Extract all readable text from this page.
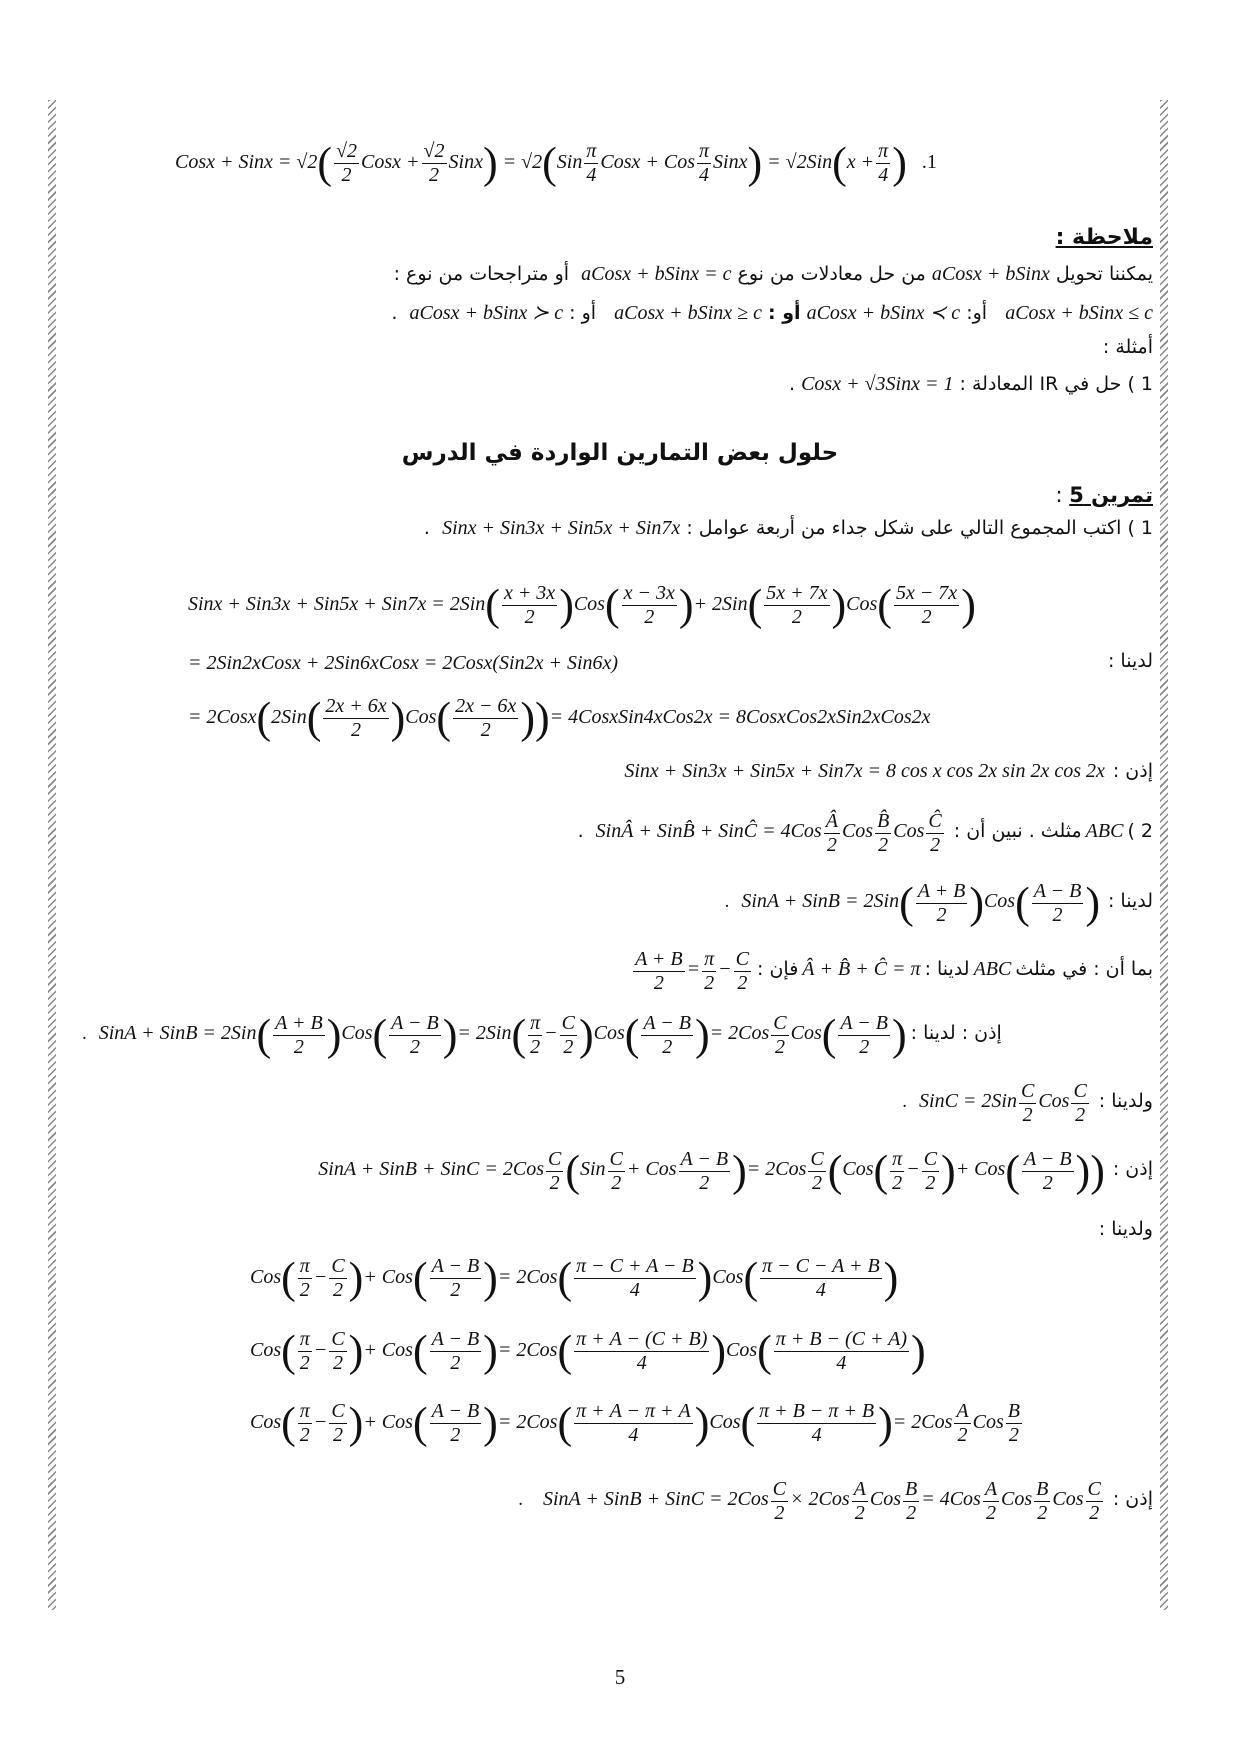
Cosx + Sinx = $√2( \frac{√2}{2}$ Cosx + $\frac{√2}{2}$ Sinx) = $√2(Sin \frac{\pi}{4}$ Cosx + Cos $\frac{\pi}{4}$ Sinx) = $√2Sin(x + \frac{\pi}{4}$ ) .1
ملاحظة :
يمكننا تحويل aCosx + bSinx من حل معادلات من نوع aCosx + bSinx = c  أو متراجحات من نوع :
aCosx + bSinx ≤ c   أو: aCosx + bSinx ≺ c أو : aCosx + bSinx ≥ c   أو : aCosx + bSinx ≻ c  .
أمثلة :
1 ) حل في IR المعادلة : Cosx + √3Sinx = 1 .
حلول بعض التمارين الواردة في الدرس
تمرين 5 :
1 ) اكتب المجموع التالي على شكل جداء من أربعة عوامل : Sinx + Sin3x + Sin5x + Sin7x  .
Sinx + $Sin3x + Sin5x + Sin7x = 2Sin( \frac{x + 3x}{2} )Cos( \frac{x - 3x}{2}$ )+ $2Sin( \frac{5x + 7x}{2} )Cos( \frac{5x - 7x}{2}$ )
لدينا :
= 2Sin2xCosx + 2Sin6xCosx = 2Cosx(Sin2x + Sin6x)
= 2Cosx(2Sin( $\frac{2x + 6x}{2} )Cos( \frac{2x - 6x}{2}$ ))= 4CosxSin4xCos2x = 8CosxCos2xSin2xCos2x
Sinx + Sin3x + Sin5x + Sin7x = 8 cos x cos 2x sin 2x cos 2x إذن :
. SinÂ + SinB̂ + SinĈ = $4Cos \frac{Â}{2}$ Cos $\frac{B̂}{2}$ Cos $\frac{Ĉ}{2}$ مثلث . نبين أن : ABC 2 )
. SinA + SinB = $2Sin( \frac{A + B}{2} )Cos( \frac{A - B}{2}$ ) لدينا :
$\frac{A + B}{2} = \frac{\pi}{2} - \frac{C}{2}$ فإن : Â + B̂ + Ĉ = π لدينا : ABC بما أن : في مثلث
. SinA + SinB = $2Sin( \frac{A + B}{2} )Cos( \frac{A - B}{2}$ )= $2Sin( \frac{\pi}{2} - \frac{C}{2} )Cos( \frac{A - B}{2}$ )= $2Cos \frac{C}{2} Cos( \frac{A - B}{2}$ ) إذن : لدينا :
. SinC = $2Sin \frac{C}{2}$ Cos $\frac{C}{2}$ ولدينا :
SinA + SinB + SinC = $2Cos \frac{C}{2} (Sin \frac{C}{2}$ + Cos $\frac{A - B}{2}$ )= $2Cos \frac{C}{2} (Cos( \frac{\pi}{2} - \frac{C}{2}$ )+ $Cos( \frac{A - B}{2}$ )) إذن :
ولدينا :
$Cos( \frac{\pi}{2} - \frac{C}{2}$ )+ $Cos( \frac{A - B}{2}$ )= $2Cos( \frac{\pi - C + A - B}{4} )Cos( \frac{\pi - C - A + B}{4}$ )
$Cos( \frac{\pi}{2} - \frac{C}{2}$ )+ $Cos( \frac{A - B}{2}$ )= $2Cos( \frac{\pi + A - (C + B)}{4} )Cos( \frac{\pi + B - (C + A)}{4}$ )
$Cos( \frac{\pi}{2} - \frac{C}{2}$ )+ $Cos( \frac{A - B}{2}$ )= $2Cos( \frac{\pi + A - \pi + A}{4} )Cos( \frac{\pi + B - \pi + B}{4}$ )= $2Cos \frac{A}{2}$ Cos $\frac{B}{2}$
. SinA + SinB + SinC = $2Cos \frac{C}{2} \times 2Cos \frac{A}{2}$ Cos $\frac{B}{2} = 4Cos \frac{A}{2}$ Cos $\frac{B}{2}$ Cos $\frac{C}{2}$ إذن :
5
